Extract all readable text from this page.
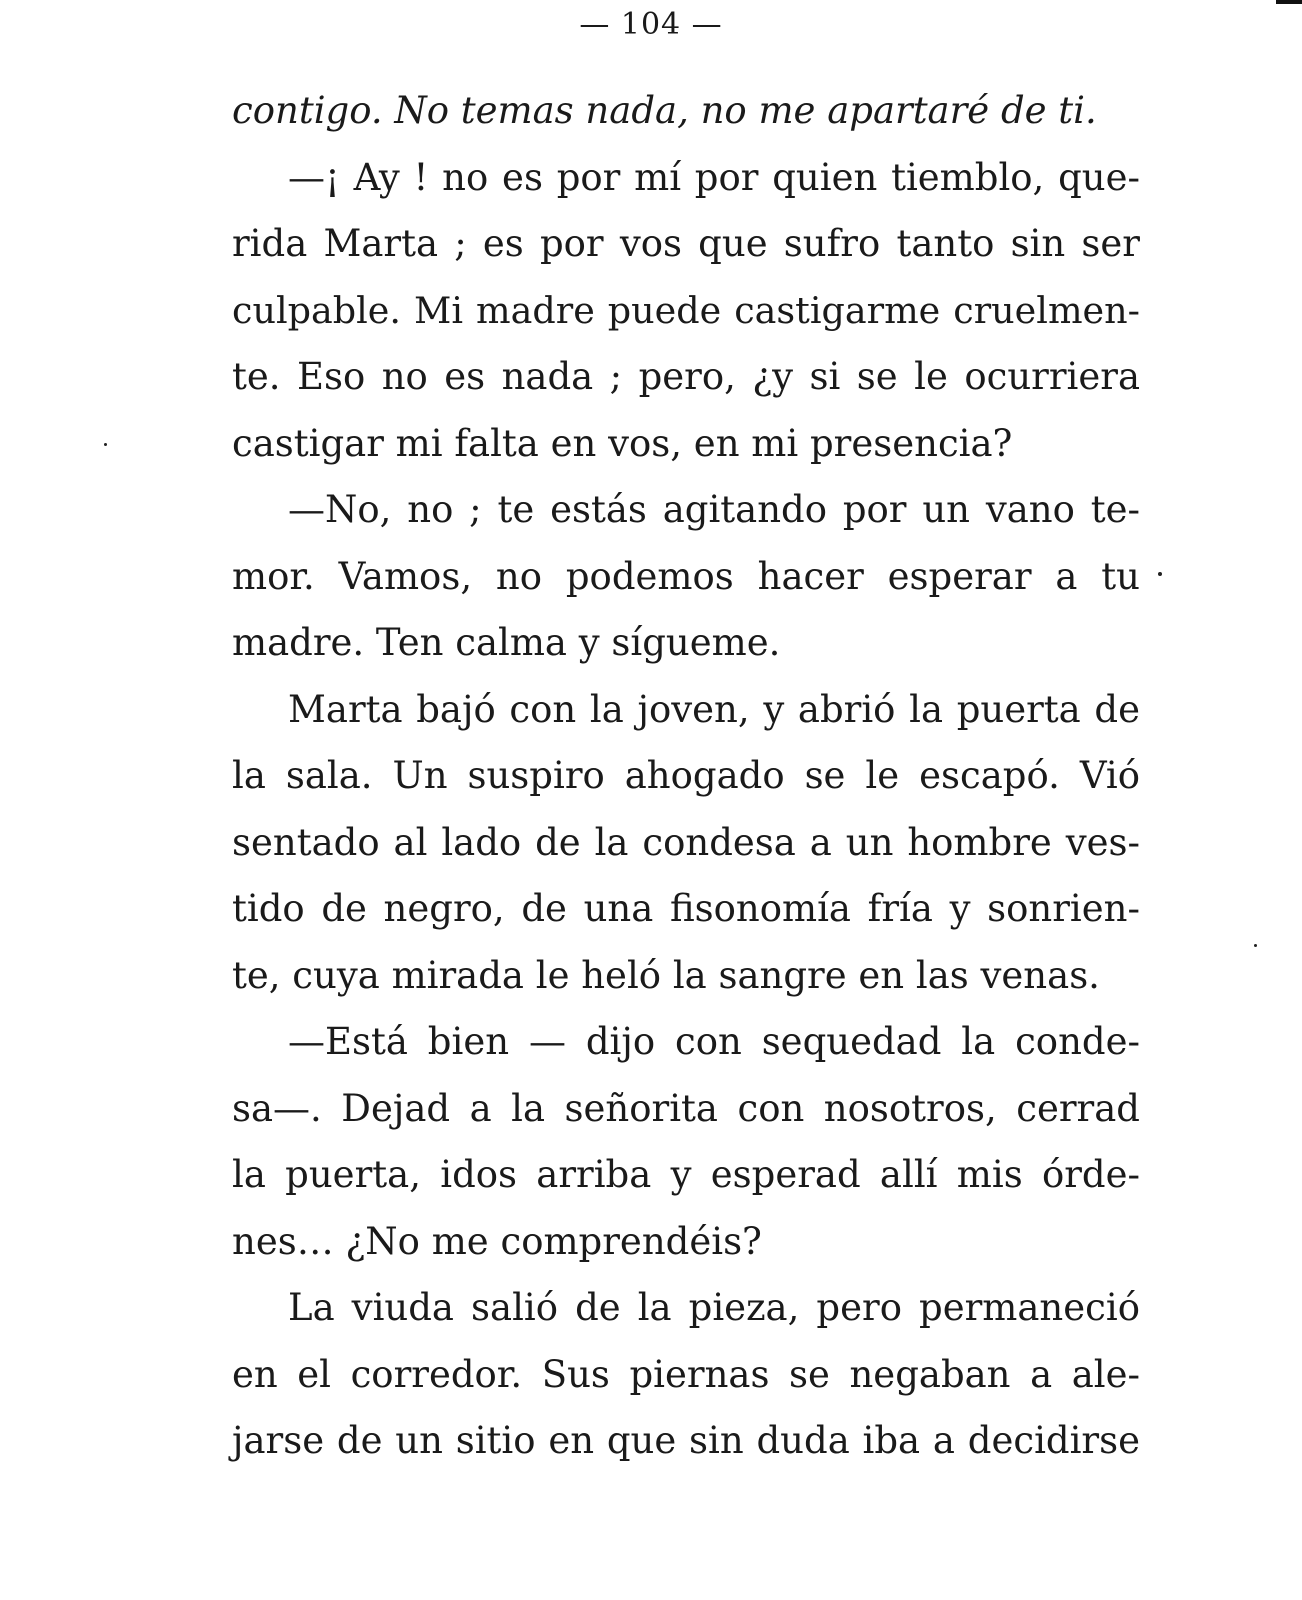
— 104 —
contigo. No temas nada, no me apartaré de ti.
—¡ Ay ! no es por mí por quien tiemblo, que-
rida Marta ; es por vos que sufro tanto sin ser
culpable. Mi madre puede castigarme cruelmen-
te. Eso no es nada ; pero, ¿y si se le ocurriera
castigar mi falta en vos, en mi presencia?
—No, no ; te estás agitando por un vano te-
mor. Vamos, no podemos hacer esperar a tu
madre. Ten calma y sígueme.
Marta bajó con la joven, y abrió la puerta de
la sala. Un suspiro ahogado se le escapó. Vió
sentado al lado de la condesa a un hombre ves-
tido de negro, de una fisonomía fría y sonrien-
te, cuya mirada le heló la sangre en las venas.
—Está bien — dijo con sequedad la conde-
sa—. Dejad a la señorita con nosotros, cerrad
la puerta, idos arriba y esperad allí mis órde-
nes… ¿No me comprendéis?
La viuda salió de la pieza, pero permaneció
en el corredor. Sus piernas se negaban a ale-
jarse de un sitio en que sin duda iba a decidirse
